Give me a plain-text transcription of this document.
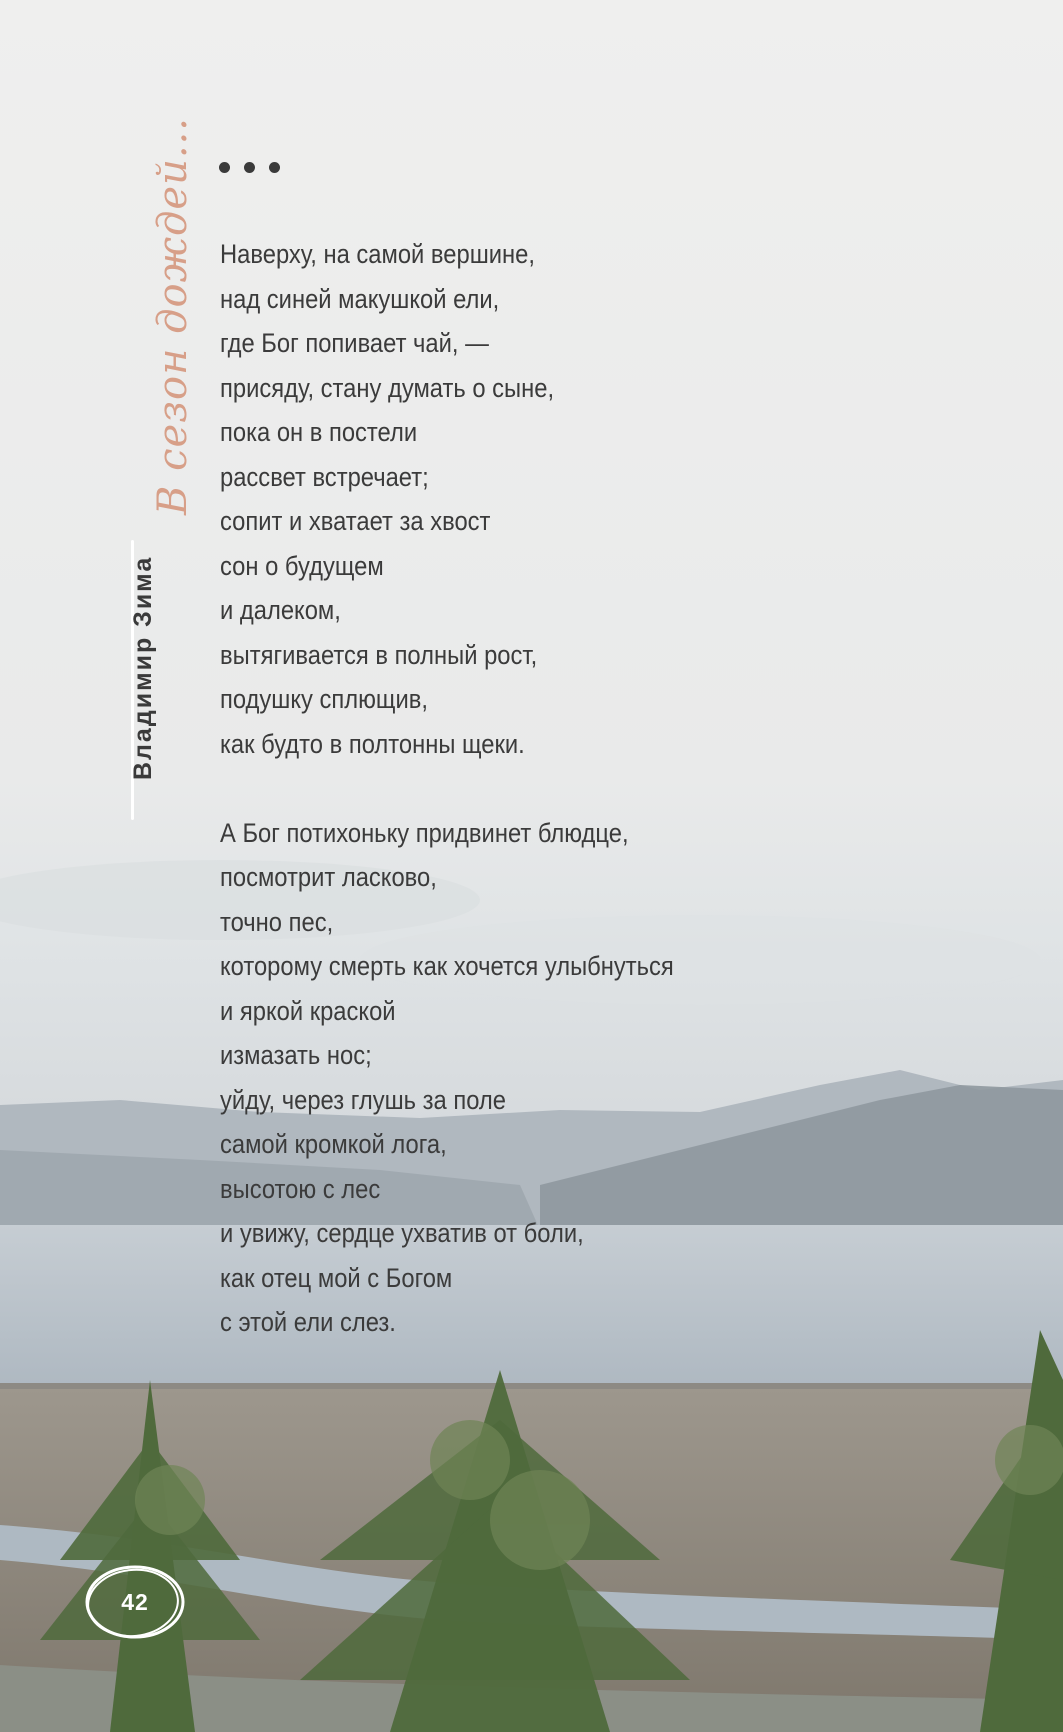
В сезон дождей...
Владимир Зима
Наверху, на самой вершине,
над синей макушкой ели,
где Бог попивает чай, —
присяду, стану думать о сыне,
пока он в постели
рассвет встречает;
сопит и хватает за хвост
сон о будущем
и далеком,
вытягивается в полный рост,
подушку сплющив,
как будто в полтонны щеки.
А Бог потихоньку придвинет блюдце,
посмотрит ласково,
точно пес,
которому смерть как хочется улыбнуться
и яркой краской
измазать нос;
уйду, через глушь за поле
самой кромкой лога,
высотою с лес
и увижу, сердце ухватив от боли,
как отец мой с Богом
с этой ели слез.
42
